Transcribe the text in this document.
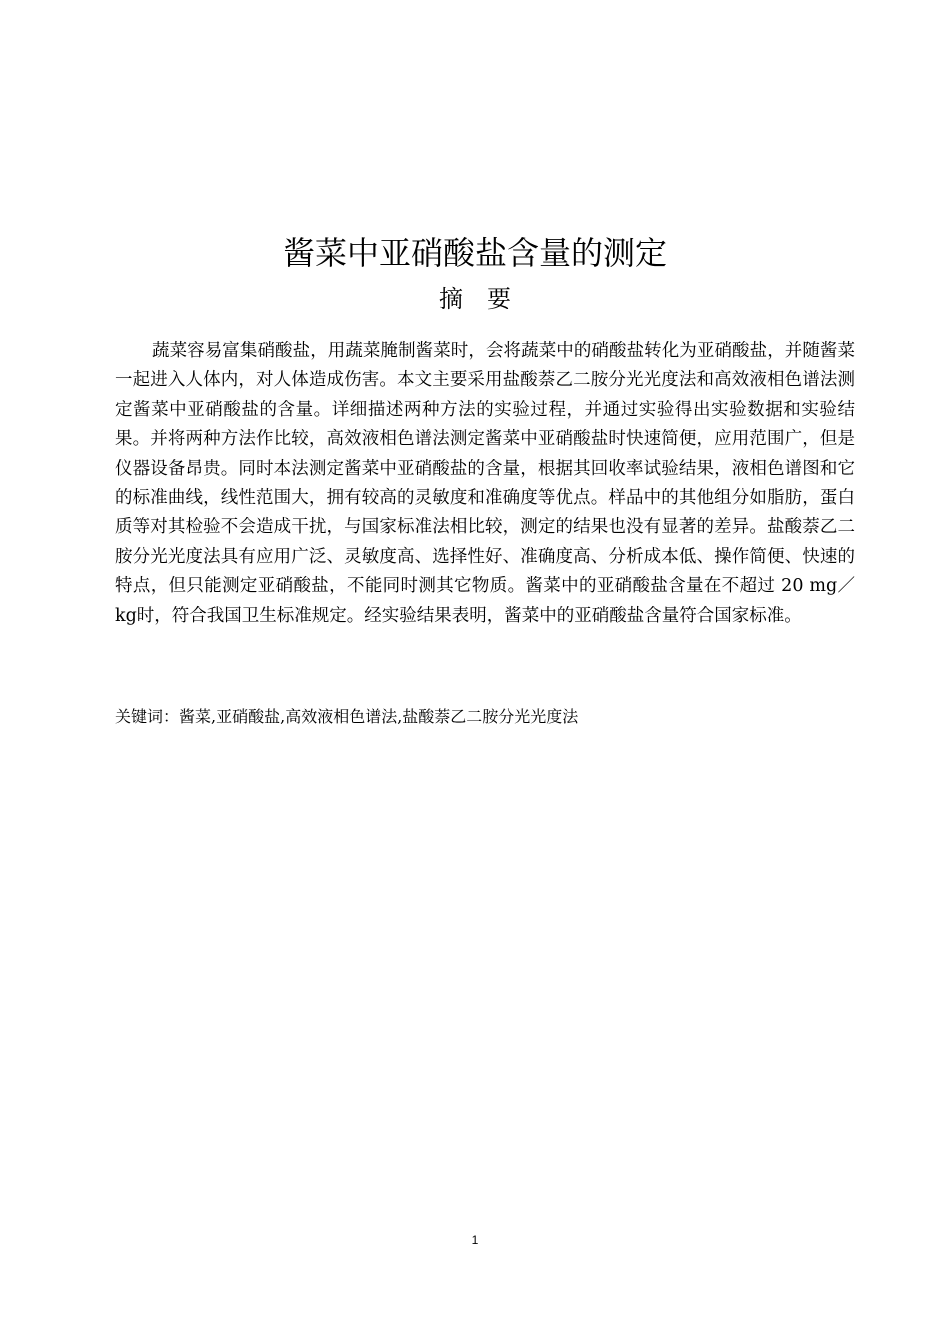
酱菜中亚硝酸盐含量的测定
摘要

蔬菜容易富集硝酸盐，用蔬菜腌制酱菜时，会将蔬菜中的硝酸盐转化为亚硝酸盐，并随酱菜一起进入人体内，对人体造成伤害。本文主要采用盐酸萘乙二胺分光光度法和高效液相色谱法测定酱菜中亚硝酸盐的含量。详细描述两种方法的实验过程，并通过实验得出实验数据和实验结果。并将两种方法作比较，高效液相色谱法测定酱菜中亚硝酸盐时快速简便，应用范围广，但是仪器设备昂贵。同时本法测定酱菜中亚硝酸盐的含量，根据其回收率试验结果，液相色谱图和它的标准曲线，线性范围大，拥有较高的灵敏度和准确度等优点。样品中的其他组分如脂肪，蛋白质等对其检验不会造成干扰，与国家标准法相比较，测定的结果也没有显著的差异。盐酸萘乙二胺分光光度法具有应用广泛、灵敏度高、选择性好、准确度高、分析成本低、操作简便、快速的特点，但只能测定亚硝酸盐，不能同时测其它物质。酱菜中的亚硝酸盐含量在不超过 20 mg／kg时，符合我国卫生标准规定。经实验结果表明，酱菜中的亚硝酸盐含量符合国家标准。

关键词：酱菜,亚硝酸盐,高效液相色谱法,盐酸萘乙二胺分光光度法

1
